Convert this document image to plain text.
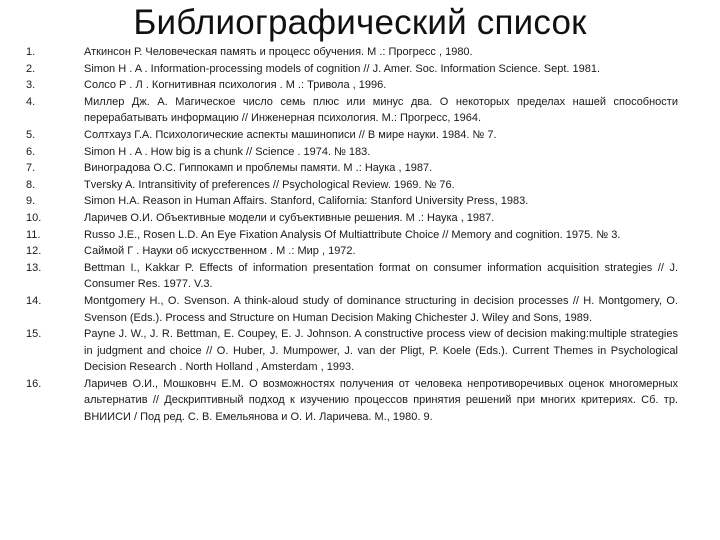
Библиографический список
1.	Аткинсон Р. Человеческая память и процесс обучения. М .: Прогресс , 1980.
2.	Simon H . A . Information-processing models of cognition // J. Amer. Soc. Information Science. Sept. 1981.
3.	Солсо Р . Л . Когнитивная психология . М .: Тривола , 1996.
4.	Миллер Дж. А. Магическое число семь плюс или минус два. О некоторых пределах нашей способности перерабатывать информацию // Инженерная психология. М.: Прогресс, 1964.
5.	Солтхауз Г.А. Психологические аспекты машинописи // В мире науки. 1984. № 7.
6.	Simon H . A . How big is a chunk // Science . 1974. № 183.
7.	Виноградова О.С. Гиппокамп и проблемы памяти. М .: Наука , 1987.
8.	Tversky A. Intransitivity of preferences // Psychological Review. 1969. № 76.
9.	Simon H.A. Reason in Human Affairs. Stanford, California: Stanford University Press, 1983.
10.	Ларичев О.И. Объективные модели и субъективные решения. М .: Наука , 1987.
11.	Russo J.E., Rosen L.D. An Eye Fixation Analysis Of Multiattribute Choice // Memory and cognition. 1975. № 3.
12.	Саймой Г . Науки об искусственном . М .: Мир , 1972.
13.	Bettman I., Kakkar P. Effects of information presentation format on consumer information acquisition strategies // J. Consumer Res. 1977. V.3.
14.	Montgomery H., O. Svenson. A think-aloud study of dominance structuring in decision processes // H. Montgomery, O. Svenson (Eds.). Process and Structure on Human Decision Making Chichester J. Wiley and Sons, 1989.
15.	Payne J. W., J. R. Bettman, E. Coupey, E. J. Johnson. A constructive process view of decision making:multiple strategies in judgment and choice // O. Huber, J. Mumpower, J. van der Pligt, P. Koele (Eds.). Current Themes in Psychological Decision Research . North Holland , Amsterdam , 1993.
16.	Ларичев О.И., Мошковнч Е.М. О возможностях получения от человека непротиворечивых оценок многомерных альтернатив // Дескриптивный подход к изучению процессов принятия решений при многих критериях. Сб. тр. ВНИИСИ / Под ред. С. В. Емельянова и О. И. Ларичева. М., 1980. 9.
